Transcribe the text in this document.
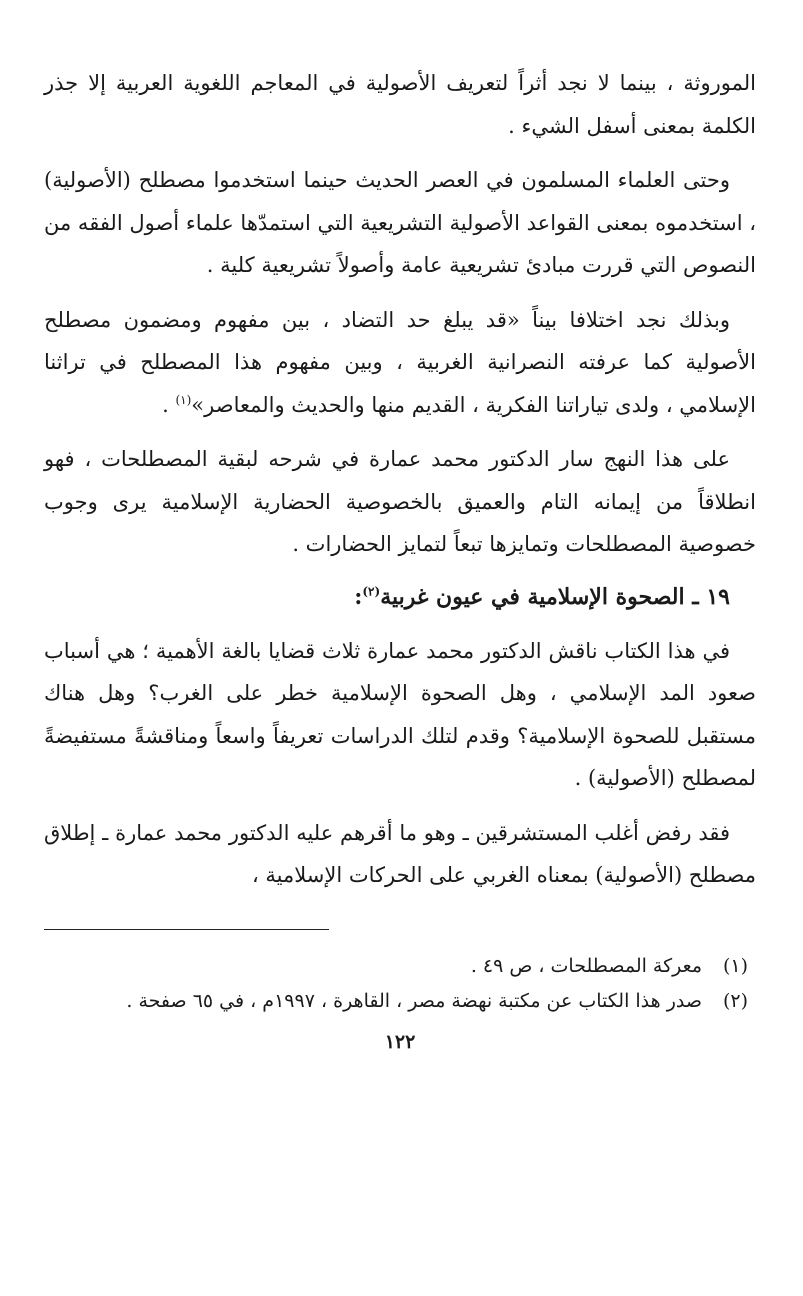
الموروثة ، بينما لا نجد أثراً لتعريف الأصولية في المعاجم اللغوية العربية إلا جذر الكلمة بمعنى أسفل الشيء .

وحتى العلماء المسلمون في العصر الحديث حينما استخدموا مصطلح (الأصولية) ، استخدموه بمعنى القواعد الأصولية التشريعية التي استمدّها علماء أصول الفقه من النصوص التي قررت مبادئ تشريعية عامة وأصولاً تشريعية كلية .

وبذلك نجد اختلافا بيناً «قد يبلغ حد التضاد ، بين مفهوم ومضمون مصطلح الأصولية كما عرفته النصرانية الغربية ، وبين مفهوم هذا المصطلح في تراثنا الإسلامي ، ولدى تياراتنا الفكرية ، القديم منها والحديث والمعاصر»$^{(١)}$ .

على هذا النهج سار الدكتور محمد عمارة في شرحه لبقية المصطلحات ، فهو انطلاقاً من إيمانه التام والعميق بالخصوصية الحضارية الإسلامية يرى وجوب خصوصية المصطلحات وتمايزها تبعاً لتمايز الحضارات .

١٩ ـ الصحوة الإسلامية في عيون غربية$^{(٢)}$:

في هذا الكتاب ناقش الدكتور محمد عمارة ثلاث قضايا بالغة الأهمية ؛ هي أسباب صعود المد الإسلامي ، وهل الصحوة الإسلامية خطر على الغرب؟ وهل هناك مستقبل للصحوة الإسلامية؟ وقدم لتلك الدراسات تعريفاً واسعاً ومناقشةً مستفيضةً لمصطلح (الأصولية) .

فقد رفض أغلب المستشرقين ـ وهو ما أقرهم عليه الدكتور محمد عمارة ـ إطلاق مصطلح (الأصولية) بمعناه الغربي على الحركات الإسلامية ،

(١)
معركة المصطلحات ، ص ٤٩ .
(٢)
صدر هذا الكتاب عن مكتبة نهضة مصر ، القاهرة ، ١٩٩٧م ، في ٦٥ صفحة .
١٢٢
